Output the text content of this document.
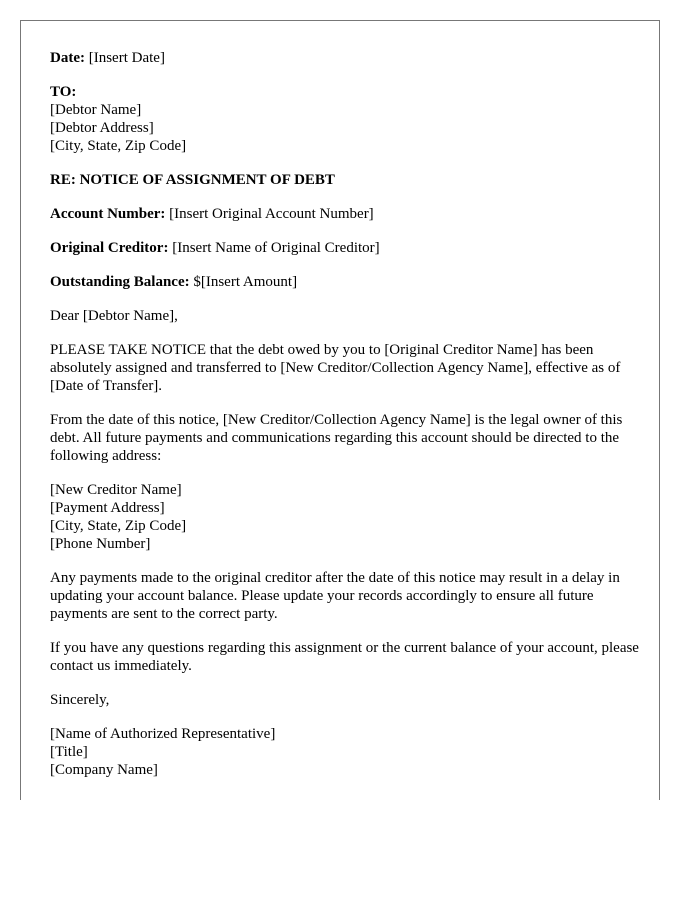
Date: [Insert Date]
TO:
[Debtor Name]
[Debtor Address]
[City, State, Zip Code]
RE: NOTICE OF ASSIGNMENT OF DEBT
Account Number: [Insert Original Account Number]
Original Creditor: [Insert Name of Original Creditor]
Outstanding Balance: $[Insert Amount]

Dear [Debtor Name],

PLEASE TAKE NOTICE that the debt owed by you to [Original Creditor Name] has been absolutely assigned and transferred to [New Creditor/Collection Agency Name], effective as of [Date of Transfer].

From the date of this notice, [New Creditor/Collection Agency Name] is the legal owner of this debt. All future payments and communications regarding this account should be directed to the following address:

[New Creditor Name]
[Payment Address]
[City, State, Zip Code]
[Phone Number]

Any payments made to the original creditor after the date of this notice may result in a delay in updating your account balance. Please update your records accordingly to ensure all future payments are sent to the correct party.

If you have any questions regarding this assignment or the current balance of your account, please contact us immediately.

Sincerely,

[Name of Authorized Representative]
[Title]
[Company Name]
